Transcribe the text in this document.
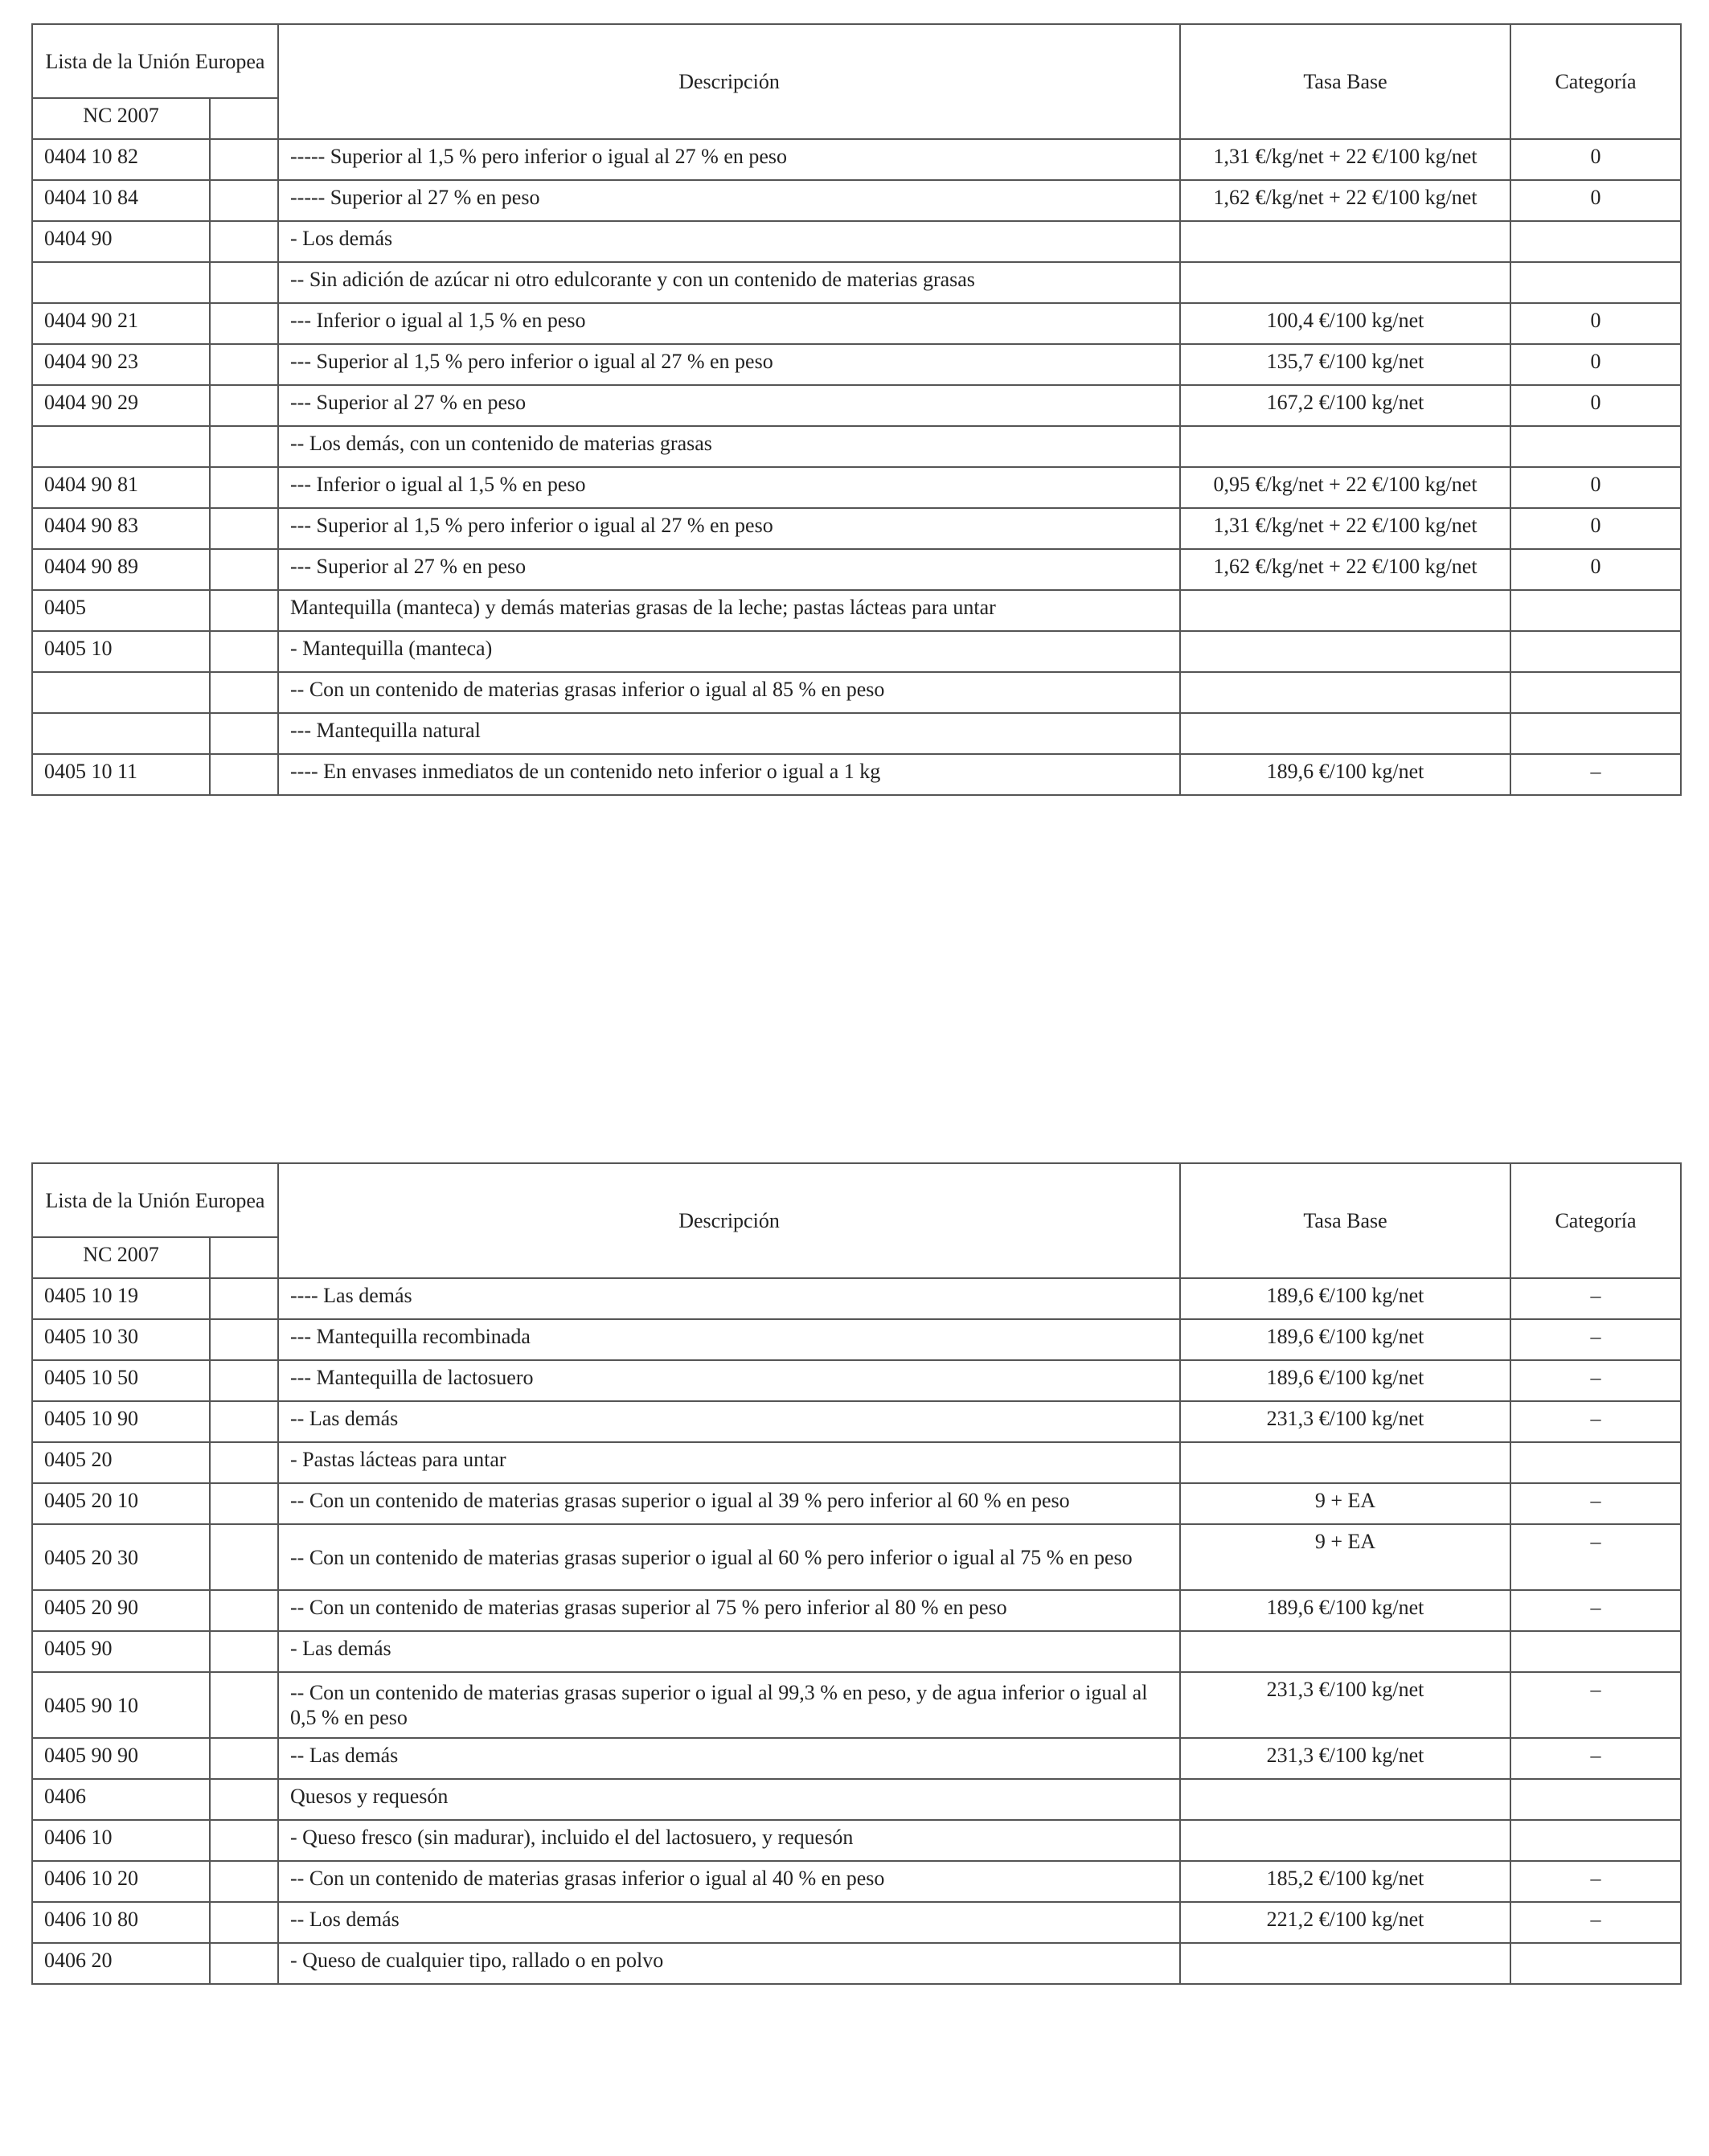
Lista de la Unión Europea		Descripción	Tasa Base	Categoría
NC 2007				
0404 10 82		----- Superior al 1,5 % pero inferior o igual al 27 % en peso	1,31 €/kg/net + 22 €/100 kg/net	0
0404 10 84		----- Superior al 27 % en peso	1,62 €/kg/net + 22 €/100 kg/net	0
0404 90		- Los demás		
		-- Sin adición de azúcar ni otro edulcorante y con un contenido de materias grasas		
0404 90 21		--- Inferior o igual al 1,5 % en peso	100,4 €/100 kg/net	0
0404 90 23		--- Superior al 1,5 % pero inferior o igual al 27 % en peso	135,7 €/100 kg/net	0
0404 90 29		--- Superior al 27 % en peso	167,2 €/100 kg/net	0
		-- Los demás, con un contenido de materias grasas		
0404 90 81		--- Inferior o igual al 1,5 % en peso	0,95 €/kg/net + 22 €/100 kg/net	0
0404 90 83		--- Superior al 1,5 % pero inferior o igual al 27 % en peso	1,31 €/kg/net + 22 €/100 kg/net	0
0404 90 89		--- Superior al 27 % en peso	1,62 €/kg/net + 22 €/100 kg/net	0
0405		Mantequilla (manteca) y demás materias grasas de la leche; pastas lácteas para untar		
0405 10		- Mantequilla (manteca)		
		-- Con un contenido de materias grasas inferior o igual al 85 % en peso		
		--- Mantequilla natural		
0405 10 11		---- En envases inmediatos de un contenido neto inferior o igual a 1 kg	189,6 €/100 kg/net	–
Lista de la Unión Europea		Descripción	Tasa Base	Categoría
NC 2007				
0405 10 19		---- Las demás	189,6 €/100 kg/net	–
0405 10 30		--- Mantequilla recombinada	189,6 €/100 kg/net	–
0405 10 50		--- Mantequilla de lactosuero	189,6 €/100 kg/net	–
0405 10 90		-- Las demás	231,3 €/100 kg/net	–
0405 20		- Pastas lácteas para untar		
0405 20 10		-- Con un contenido de materias grasas superior o igual al 39 % pero inferior al 60 % en peso	9 + EA	–
0405 20 30		-- Con un contenido de materias grasas superior o igual al 60 % pero inferior o igual al 75 % en peso	9 + EA	–
0405 20 90		-- Con un contenido de materias grasas superior al 75 % pero inferior al 80 % en peso	189,6 €/100 kg/net	–
0405 90		- Las demás		
0405 90 10		-- Con un contenido de materias grasas superior o igual al 99,3 % en peso, y de agua inferior o igual al 0,5 % en peso	231,3 €/100 kg/net	–
0405 90 90		-- Las demás	231,3 €/100 kg/net	–
0406		Quesos y requesón		
0406 10		- Queso fresco (sin madurar), incluido el del lactosuero, y requesón		
0406 10 20		-- Con un contenido de materias grasas inferior o igual al 40 % en peso	185,2 €/100 kg/net	–
0406 10 80		-- Los demás	221,2 €/100 kg/net	–
0406 20		- Queso de cualquier tipo, rallado o en polvo		
